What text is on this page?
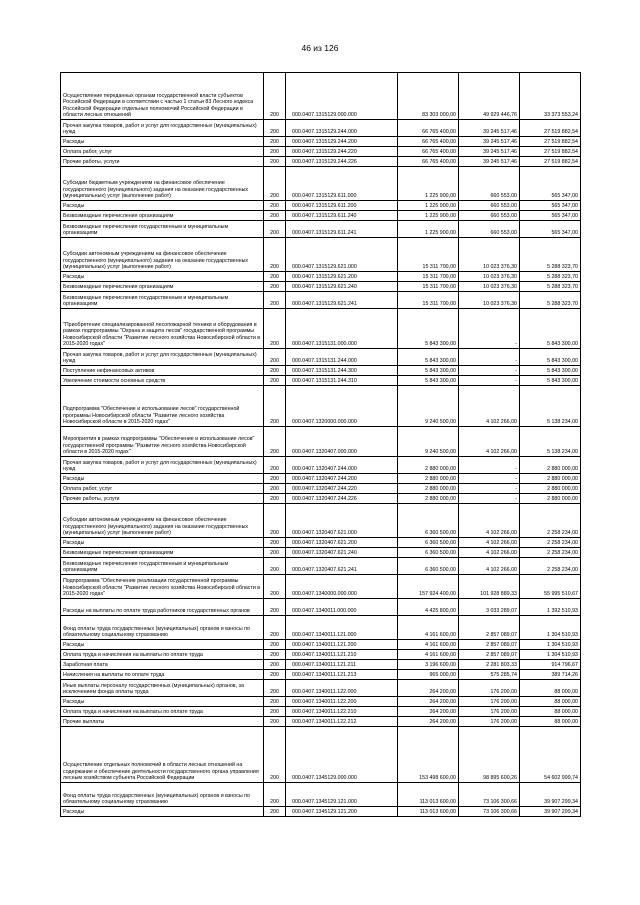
46 из 126
Осуществление переданных органам государственной власти субъектов Российской Федерации в соответствии с частью 1 статьи 83 Лесного кодекса Российской Федерации отдельных полномочий Российской Федерации в области лесных отношений	200	000.0407.1315129.000.000	83 303 000,00	49 929 446,76	33 373 553,24
Прочая закупка товаров, работ и услуг для государственных (муниципальных) нужд	200	000.0407.1315129.244.000	66 765 400,00	39 245 517,46	27 519 882,54
Расходы	200	000.0407.1315129.244.200	66 765 400,00	39 245 517,46	27 519 882,54
Оплата работ, услуг	200	000.0407.1315129.244.220	66 765 400,00	39 245 517,46	27 519 882,54
Прочие работы, услуги	200	000.0407.1315129.244.226	66 765 400,00	39 245 517,46	27 519 882,54
Субсидии бюджетным учреждениям на финансовое обеспечение государственного (муниципального) задания на оказание государственных (муниципальных) услуг (выполнение работ)	200	000.0407.1315129.611.000	1 225 900,00	660 553,00	565 347,00
Расходы	200	000.0407.1315129.611.200	1 225 900,00	660 553,00	565 347,00
Безвозмездные перечисления организациям	200	000.0407.1315129.611.240	1 225 900,00	660 553,00	565 347,00
Безвозмездные перечисления государственным и муниципальным организациям	200	000.0407.1315129.611.241	1 225 900,00	660 553,00	565 347,00
Субсидии автономным учреждениям на финансовое обеспечение государственного (муниципального) задания на оказание государственных (муниципальных) услуг (выполнение работ)	200	000.0407.1315129.621.000	15 311 700,00	10 023 376,30	5 288 323,70
Расходы	200	000.0407.1315129.621.200	15 311 700,00	10 023 376,30	5 288 323,70
Безвозмездные перечисления организациям	200	000.0407.1315129.621.240	15 311 700,00	10 023 376,30	5 288 323,70
Безвозмездные перечисления государственным и муниципальным организациям	200	000.0407.1315129.621.241	15 311 700,00	10 023 376,30	5 288 323,70
"Приобретение специализированной лесопожарной техники и оборудования в рамках подпрограммы "Охрана и защита лесов" государственной программы Новосибирской области "Развитие лесного хозяйства Новосибирской области в 2015-2020 годах"	200	000.0407.1315131.000.000	5 843 300,00	-	5 843 300,00
Прочая закупка товаров, работ и услуг для государственных (муниципальных) нужд	200	000.0407.1315131.244.000	5 843 300,00	-	5 843 300,00
Поступление нефинансовых активов	200	000.0407.1315131.244.300	5 843 300,00	-	5 843 300,00
Увеличение стоимости основных средств	200	000.0407.1315131.244.310	5 843 300,00	-	5 843 300,00
Подпрограмма "Обеспечение и использование лесов" государственной программы Новосибирской области "Развитие лесного хозяйства Новосибирской области в 2015-2020 годах"	200	000.0407.1320000.000.000	9 240 500,00	4 102 266,00	5 138 234,00
Мероприятия в рамках подпрограммы "Обеспечение и использование лесов" государственной программы "Развитие лесного хозяйства Новосибирской области в 2015-2020 годах"	200	000.0407.1320407.000.000	9 240 500,00	4 102 266,00	5 138 234,00
Прочая закупка товаров, работ и услуг для государственных (муниципальных) нужд	200	000.0407.1320407.244.000	2 880 000,00	-	2 880 000,00
Расходы	200	000.0407.1320407.244.200	2 880 000,00	-	2 880 000,00
Оплата работ, услуг	200	000.0407.1320407.244.220	2 880 000,00	-	2 880 000,00
Прочие работы, услуги	200	000.0407.1320407.244.226	2 880 000,00	-	2 880 000,00
Субсидии автономным учреждениям на финансовое обеспечение государственного (муниципального) задания на оказание государственных (муниципальных) услуг (выполнение работ)	200	000.0407.1320407.621.000	6 360 500,00	4 102 266,00	2 258 234,00
Расходы	200	000.0407.1320407.621.200	6 360 500,00	4 102 266,00	2 258 234,00
Безвозмездные перечисления организациям	200	000.0407.1320407.621.240	6 360 500,00	4 102 266,00	2 258 234,00
Безвозмездные перечисления государственным и муниципальным организациям	200	000.0407.1320407.621.241	6 360 500,00	4 102 266,00	2 258 234,00
Подпрограмма "Обеспечение реализации государственной программы Новосибирской области "Развитие лесного хозяйства Новосибирской области в 2015-2020 годах"	200	000.0407.1340000.000.000	157 924 400,00	101 928 889,33	55 995 510,67
Расходы на выплаты по оплате труда работников государственных органов	200	000.0407.1340011.000.000	4 425 800,00	3 033 289,07	1 392 510,93
Фонд оплаты труда государственных (муниципальных) органов и взносы по обязательному социальному страхованию	200	000.0407.1340011.121.000	4 161 600,00	2 857 089,07	1 304 510,93
Расходы	200	000.0407.1340011.121.200	4 161 600,00	2 857 089,07	1 304 510,93
Оплата труда и начисления на выплаты по оплате труда	200	000.0407.1340011.121.210	4 161 600,00	2 857 089,07	1 304 510,93
Заработная плата	200	000.0407.1340011.121.211	3 196 600,00	2 281 803,33	914 796,67
Начисления на выплаты по оплате труда	200	000.0407.1340011.121.213	965 000,00	575 285,74	389 714,26
Иные выплаты персоналу государственных (муниципальных) органов, за исключением фонда оплаты труда	200	000.0407.1340011.122.000	264 200,00	176 200,00	88 000,00
Расходы	200	000.0407.1340011.122.200	264 200,00	176 200,00	88 000,00
Оплата труда и начисления на выплаты по оплате труда	200	000.0407.1340011.122.210	264 200,00	176 200,00	88 000,00
Прочие выплаты	200	000.0407.1340011.122.212	264 200,00	176 200,00	88 000,00
Осуществление отдельных полномочий в области лесных отношений на содержание и обеспечение деятельности государственного органа управления лесным хозяйством субъекта Российской Федерации	200	000.0407.1345129.000.000	153 498 600,00	98 895 600,26	54 602 999,74
Фонд оплаты труда государственных (муниципальных) органов и взносы по обязательному социальному страхованию	200	000.0407.1345129.121.000	113 013 600,00	73 106 300,66	39 907 299,34
Расходы	200	000.0407.1345129.121.200	113 013 600,00	73 106 300,66	39 907 299,34
